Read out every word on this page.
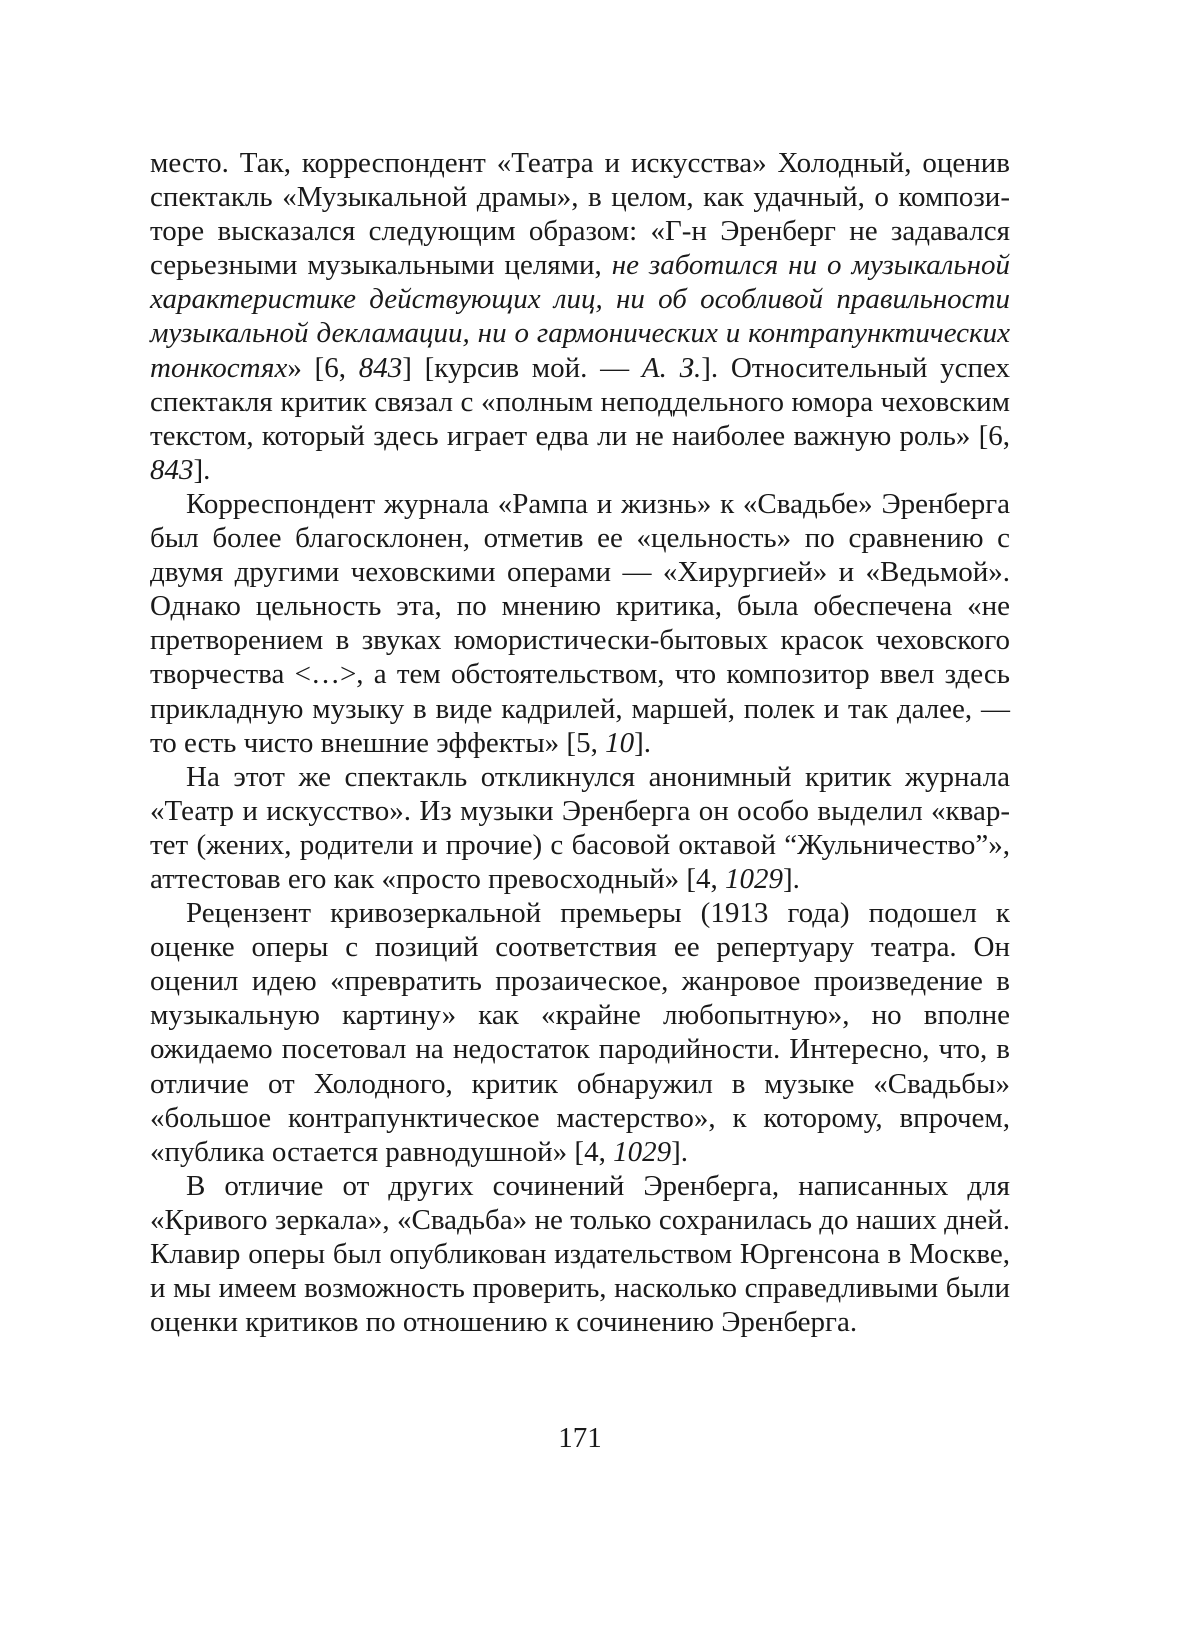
место. Так, корреспондент «Театра и искусства» Холодный, оценив спектакль «Музыкальной драмы», в целом, как удачный, о компози­торе высказался следующим образом: «Г-н Эренберг не задавался серьезными музыкальными целями, не заботился ни о музыкальной характеристике действующих лиц, ни об особливой правильности музыкальной декламации, ни о гармонических и контрапунктиче­ских тонкостях» [6, 843] [курсив мой. — А. З.]. Относительный успех спектакля критик связал с «полным неподдельного юмора че­ховским текстом, который здесь играет едва ли не наиболее важную роль» [6, 843].

Корреспондент журнала «Рампа и жизнь» к «Свадьбе» Эренбер­га был более благосклонен, отметив ее «цельность» по сравнению с двумя другими чеховскими операми — «Хирургией» и «Ведьмой». Однако цельность эта, по мнению критика, была обеспечена «не претворением в звуках юмористически-бытовых красок чеховского творчества <…>, а тем обстоятельством, что композитор ввел здесь прикладную музыку в виде кадрилей, маршей, полек и так далее, — то есть чисто внешние эффекты» [5, 10].

На этот же спектакль откликнулся анонимный критик журнала «Театр и искусство». Из музыки Эренберга он особо выделил «квар­тет (жених, родители и прочие) с басовой октавой “Жульничество”», аттестовав его как «просто превосходный» [4, 1029].

Рецензент кривозеркальной премьеры (1913 года) подошел к оцен­ке оперы с позиций соответствия ее репертуару театра. Он оценил идею «превратить прозаическое, жанровое произведение в музы­кальную картину» как «крайне любопытную», но вполне ожидаемо посетовал на недостаток пародийности. Интересно, что, в отличие от Холодного, критик обнаружил в музыке «Свадьбы» «большое кон­трапунктическое мастерство», к которому, впрочем, «публика оста­ется равнодушной» [4, 1029].

В отличие от других сочинений Эренберга, написанных для «Кривого зеркала», «Свадьба» не только сохранилась до наших дней. Клавир оперы был опубликован издательством Юргенсона в Москве, и мы имеем возможность проверить, насколько спра­ведливыми были оценки критиков по отношению к сочинению Эренберга.

171
